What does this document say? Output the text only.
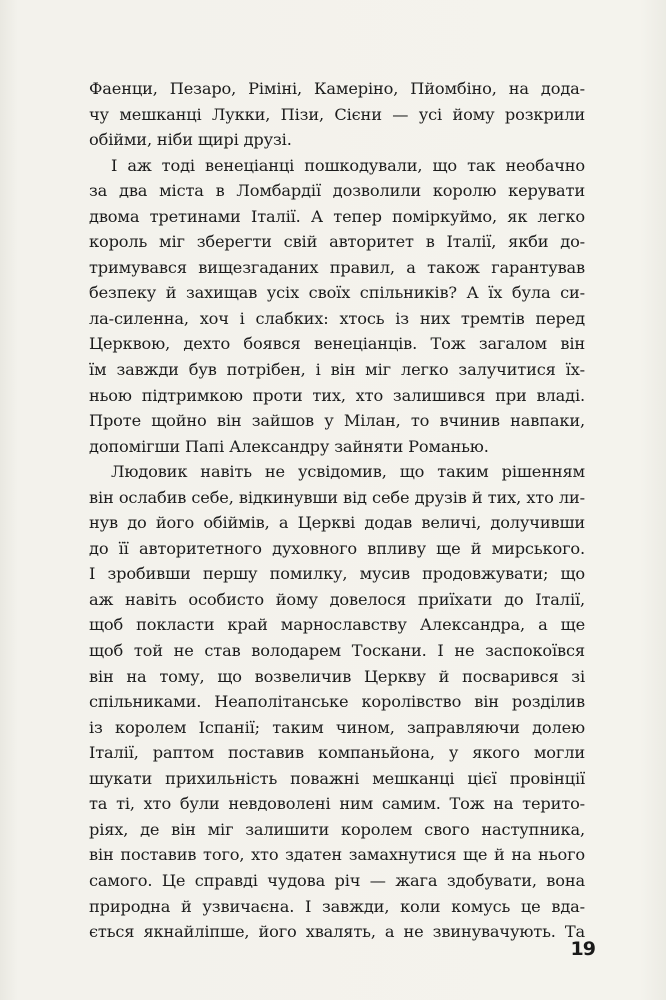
Фаенци, Пезаро, Ріміні, Камеріно, Пйомбіно, на дода-
чу мешканці Лукки, Пізи, Сієни — усі йому розкрили
обійми, ніби щирі друзі.
І аж тоді венеціанці пошкодували, що так необачно
за два міста в Ломбардії дозволили королю керувати
двома третинами Італії. А тепер поміркуймо, як легко
король міг зберегти свій авторитет в Італії, якби до-
тримувався вищезгаданих правил, а також гарантував
безпеку й захищав усіх своїх спільників? А їх була си-
ла-силенна, хоч і слабких: хтось із них тремтів перед
Церквою, дехто боявся венеціанців. Тож загалом він
їм завжди був потрібен, і він міг легко залучитися їх-
ньою підтримкою проти тих, хто залишився при владі.
Проте щойно він зайшов у Мілан, то вчинив навпаки,
допомігши Папі Александру зайняти Романью.
Людовик навіть не усвідомив, що таким рішенням
він ослабив себе, відкинувши від себе друзів й тих, хто ли-
нув до його обіймів, а Церкві додав величі, долучивши
до її авторитетного духовного впливу ще й мирського.
І зробивши першу помилку, мусив продовжувати; що
аж навіть особисто йому довелося приїхати до Італії,
щоб покласти край марнославству Александра, а ще
щоб той не став володарем Тоскани. І не заспокоївся
він на тому, що возвеличив Церкву й посварився зі
спільниками. Неаполітанське королівство він розділив
із королем Іспанії; таким чином, заправляючи долею
Італії, раптом поставив компаньйона, у якого могли
шукати прихильність поважні мешканці цієї провінції
та ті, хто були невдоволені ним самим. Тож на терито-
ріях, де він міг залишити королем свого наступника,
він поставив того, хто здатен замахнутися ще й на нього
самого. Це справді чудова річ — жага здобувати, вона
природна й узвичаєна. І завжди, коли комусь це вда-
ється якнайліпше, його хвалять, а не звинувачують. Та
19
